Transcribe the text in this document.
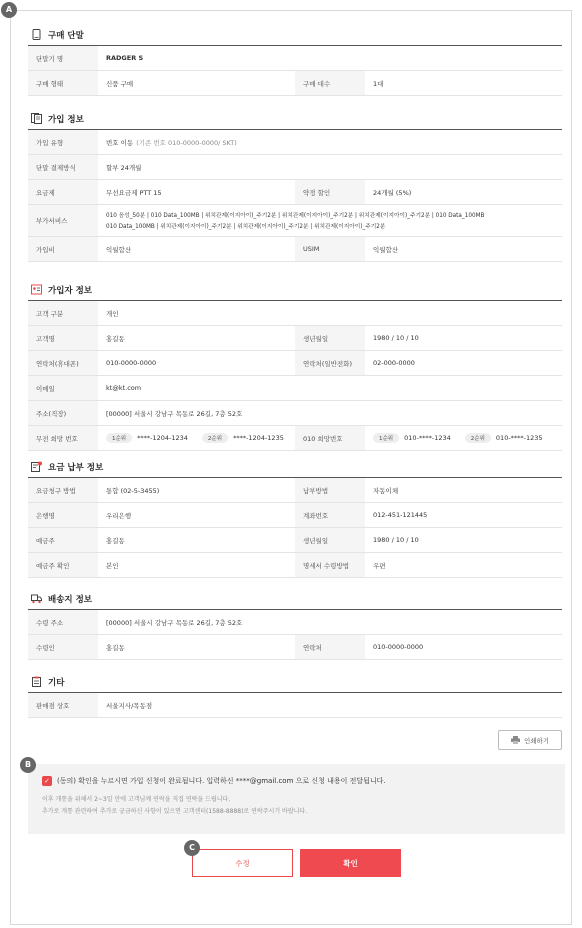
A
B
C
구매 단말
단말기 명	RADGER S
구매 형태	신품 구매	구매 대수	1대
가입 정보
가입 유형	번호 이동 (기존 번호 010-0000-0000/ SKT)
단말 결제방식	할부 24개월
요금제	무선요금제 PTT 15	약정 할인	24개월 (5%)
부가서비스
010 음성_50분 | 010 Data_100MB | 위치관제(이지아이)_주기2분 | 위치관제(이지아이)_주기2분 | 위치관제(이지아이)_주기2분 | 010 Data_100MB
010 Data_100MB | 위치관제(이지아이)_주기2분 | 위치관제(이지아이)_주기2분 | 위치관제(이지아이)_주기2분
가입비	익월합산	USIM	익월합산
가입자 정보
고객 구분	개인
고객명	홍길동	생년월일	1980 / 10 / 10
연락처(휴대폰)	010-0000-0000	연락처(일반전화)	02-000-0000
이메일	kt@kt.com
주소(직장)	[00000] 서울시 강남구 목동로 26길, 7층 52호
무전 희망 번호	1순위	****-1204-1234	2순위	****-1204-1235	010 희망번호	1순위	010-****-1234	2순위	010-****-1235
요금 납부 정보
요금청구 방법	통합 (02-5-3455)	납부방법	자동이체
은행명	우리은행	계좌번호	012-451-121445
예금주	홍길동	생년월일	1980 / 10 / 10
예금주 확인	본인	명세서 수령방법	우편
배송지 정보
수령 주소	[00000] 서울시 강남구 목동로 26길, 7층 52호
수령인	홍길동	연락처	010-0000-0000
기타
판매점 상호	서울지사/목동점
인쇄하기
✓ (동의) 확인을 누르시면 가입 신청이 완료됩니다. 입력하신 ****@gmail.com 으로 신청 내용이 전달됩니다.
이후 개통을 위해서 2~3일 안에 고객님께 연락을 직접 연락을 드립니다.
추가로 개통 관련하여 추가로 궁금하신 사항이 있으면 고객센터(1588-8888)로 연락주시기 바랍니다.
수정	확인
